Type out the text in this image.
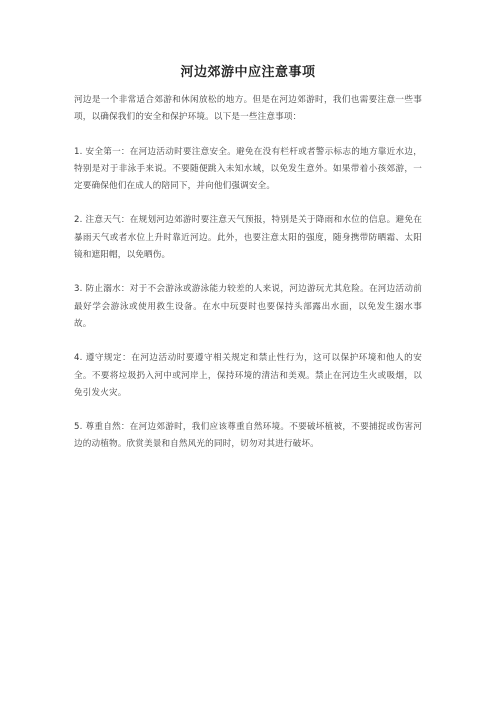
河边郊游中应注意事项

河边是一个非常适合郊游和休闲放松的地方。但是在河边郊游时，我们也需要注意一些事项，以确保我们的安全和保护环境。以下是一些注意事项：

1. 安全第一：在河边活动时要注意安全。避免在没有栏杆或者警示标志的地方靠近水边，特别是对于非泳手来说。不要随便跳入未知水域，以免发生意外。如果带着小孩郊游，一定要确保他们在成人的陪同下，并向他们强调安全。

2. 注意天气：在规划河边郊游时要注意天气预报，特别是关于降雨和水位的信息。避免在暴雨天气或者水位上升时靠近河边。此外，也要注意太阳的强度，随身携带防晒霜、太阳镜和遮阳帽，以免晒伤。

3. 防止溺水：对于不会游泳或游泳能力较差的人来说，河边游玩尤其危险。在河边活动前最好学会游泳或使用救生设备。在水中玩耍时也要保持头部露出水面，以免发生溺水事故。

4. 遵守规定：在河边活动时要遵守相关规定和禁止性行为，这可以保护环境和他人的安全。不要将垃圾扔入河中或河岸上，保持环境的清洁和美观。禁止在河边生火或吸烟，以免引发火灾。

5. 尊重自然：在河边郊游时，我们应该尊重自然环境。不要破坏植被，不要捕捉或伤害河边的动植物。欣赏美景和自然风光的同时，切勿对其进行破坏。
